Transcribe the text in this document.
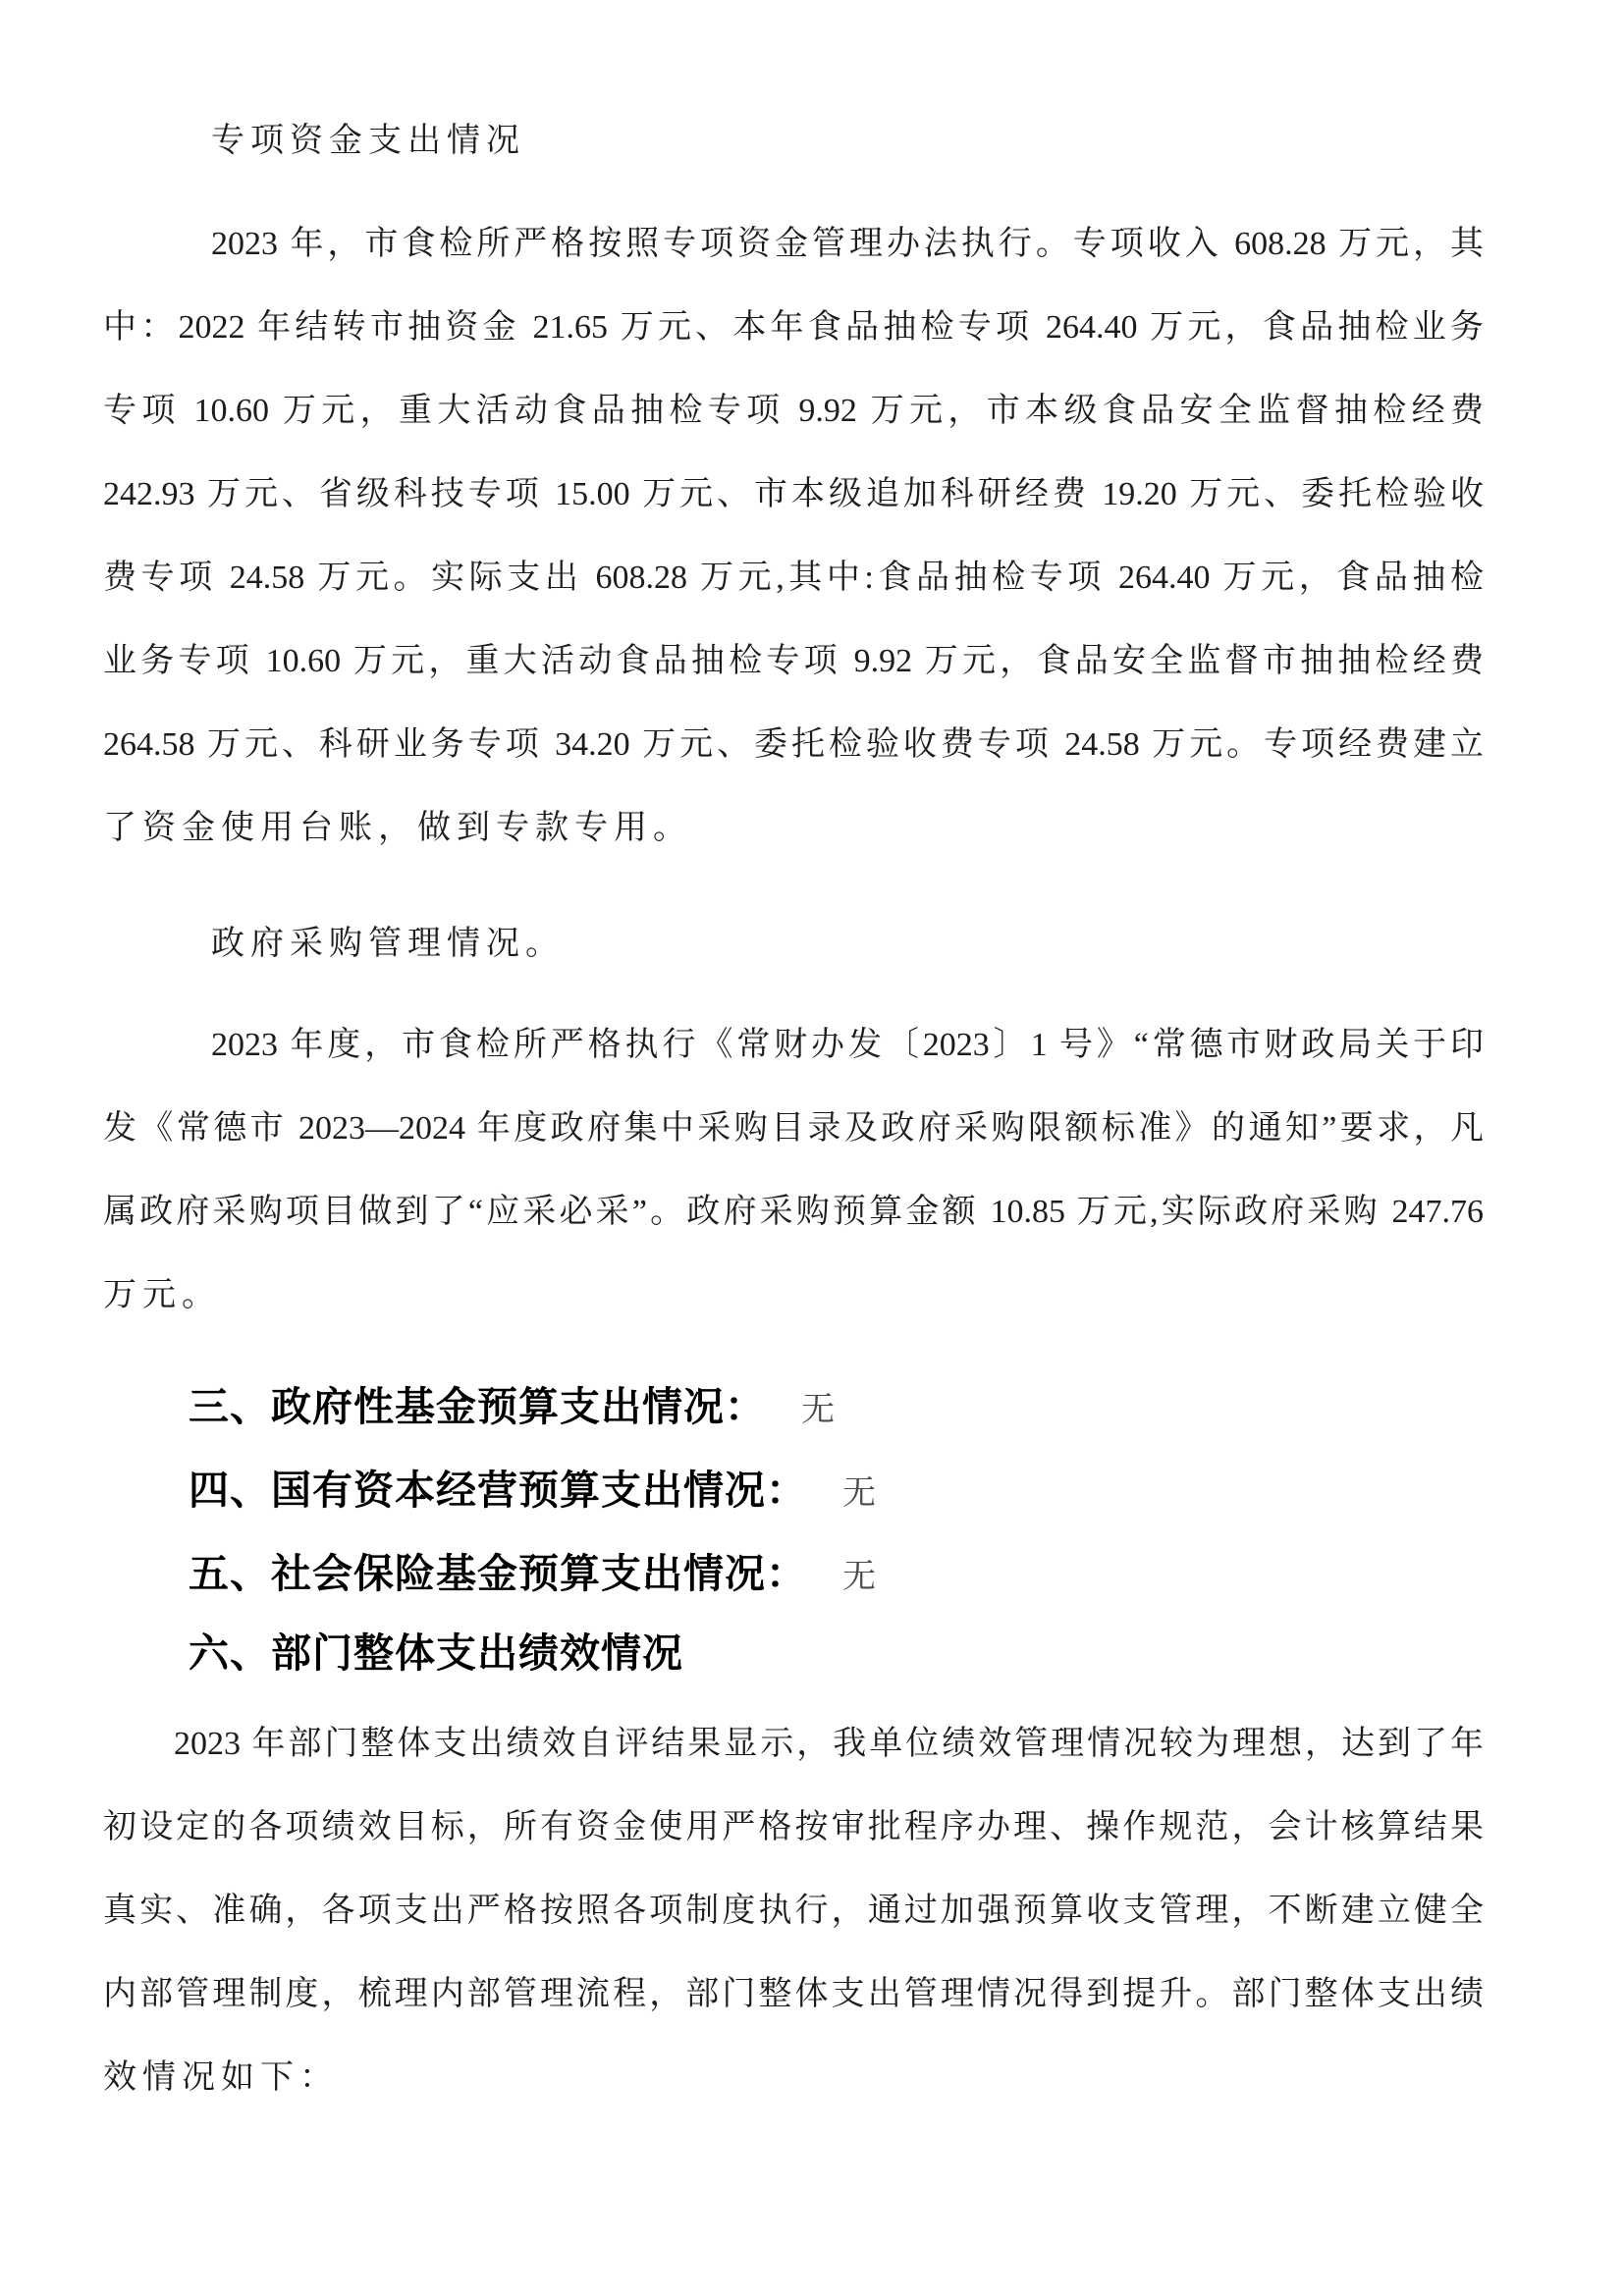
专项资金支出情况
2023 年，市食检所严格按照专项资金管理办法执行。专项收入 608.28 万元，其
中：2022 年结转市抽资金 21.65 万元、本年食品抽检专项 264.40 万元，食品抽检业务
专项 10.60 万元，重大活动食品抽检专项 9.92 万元，市本级食品安全监督抽检经费
242.93 万元、省级科技专项 15.00 万元、市本级追加科研经费 19.20 万元、委托检验收
费专项 24.58 万元。实际支出 608.28 万元,其中:食品抽检专项 264.40 万元，食品抽检
业务专项 10.60 万元，重大活动食品抽检专项 9.92 万元，食品安全监督市抽抽检经费
264.58 万元、科研业务专项 34.20 万元、委托检验收费专项 24.58 万元。专项经费建立
了资金使用台账，做到专款专用。
政府采购管理情况。
2023 年度，市食检所严格执行《常财办发〔2023〕1 号》“常德市财政局关于印
发《常德市 2023—2024 年度政府集中采购目录及政府采购限额标准》的通知”要求，凡
属政府采购项目做到了“应采必采”。政府采购预算金额 10.85 万元,实际政府采购 247.76
万元。
三、政府性基金预算支出情况： 无
四、国有资本经营预算支出情况： 无
五、社会保险基金预算支出情况： 无
六、部门整体支出绩效情况
2023 年部门整体支出绩效自评结果显示，我单位绩效管理情况较为理想，达到了年
初设定的各项绩效目标，所有资金使用严格按审批程序办理、操作规范，会计核算结果
真实、准确，各项支出严格按照各项制度执行，通过加强预算收支管理，不断建立健全
内部管理制度，梳理内部管理流程，部门整体支出管理情况得到提升。部门整体支出绩
效情况如下：
